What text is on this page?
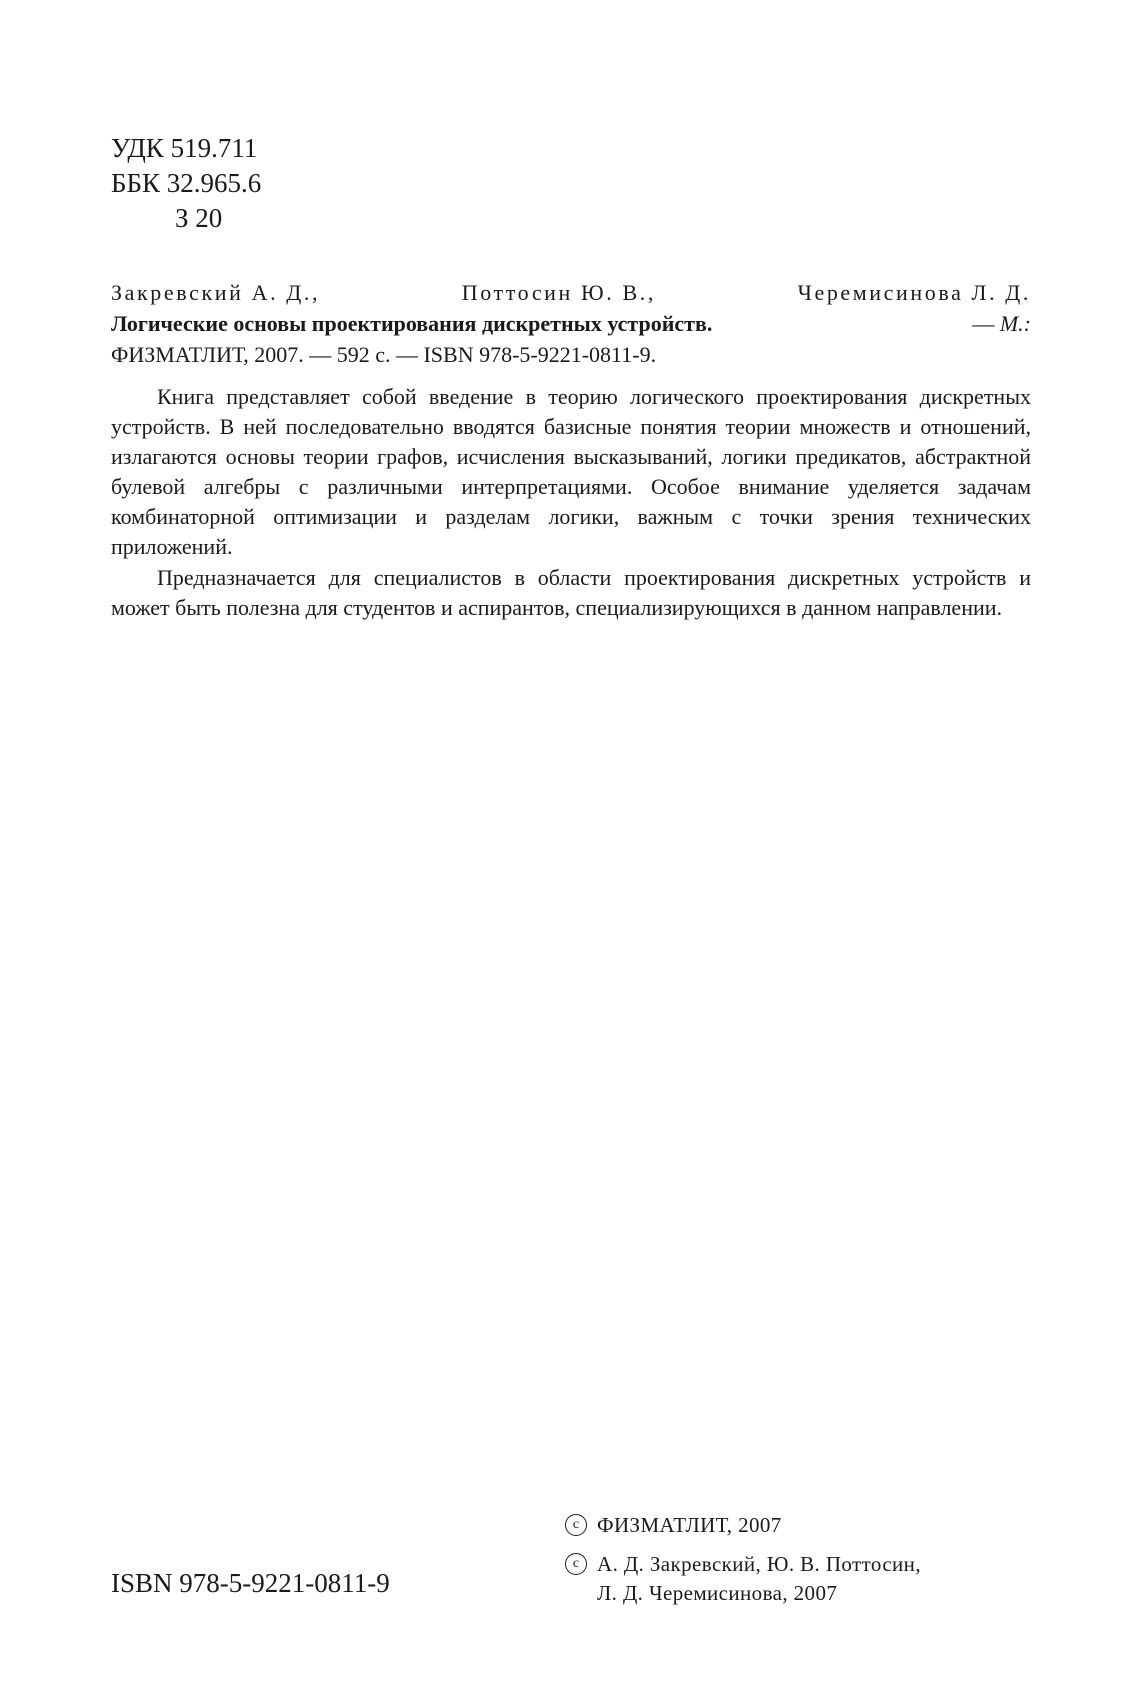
УДК 519.711
ББК 32.965.6
З 20
Закревский А. Д.,	Поттосин Ю. В.,	Черемисинова Л. Д.
Логические основы проектирования дискретных устройств.	— М.:
ФИЗМАТЛИТ, 2007. — 592 с. — ISBN 978-5-9221-0811-9.

Книга представляет собой введение в теорию логического проектирования дискретных устройств. В ней последовательно вводятся базисные понятия теории множеств и отношений, излагаются основы теории графов, исчисления высказываний, логики предикатов, абстрактной булевой алгебры с различными интерпретациями. Особое внимание уделяется задачам комбинаторной оптимизации и разделам логики, важным с точки зрения технических приложений.

Предназначается для специалистов в области проектирования дискретных устройств и может быть полезна для студентов и аспирантов, специализирующихся в данном направлении.

ISBN 978-5-9221-0811-9
c ФИЗМАТЛИТ, 2007
c А. Д. Закревский, Ю. В. Поттосин,
Л. Д. Черемисинова, 2007
